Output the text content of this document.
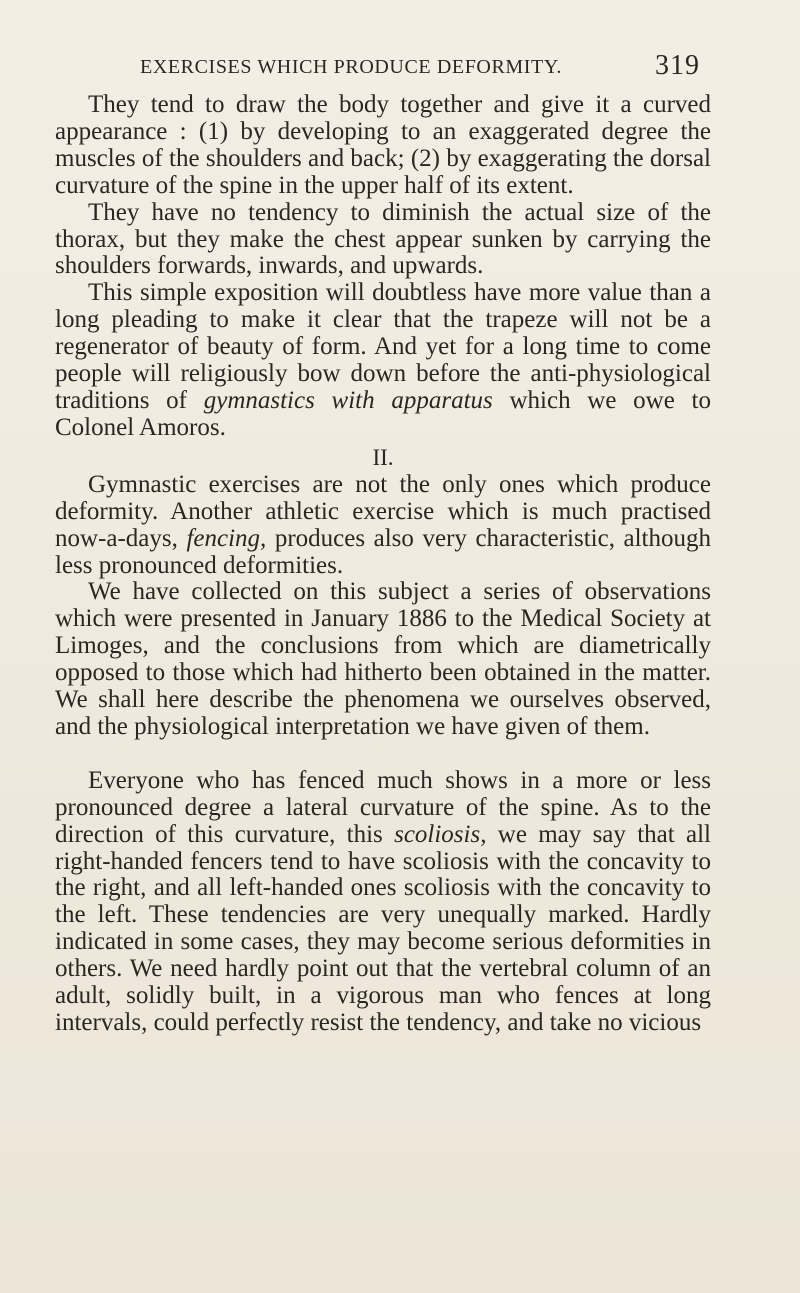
EXERCISES WHICH PRODUCE DEFORMITY.	319

They tend to draw the body together and give it a curved appearance : (1) by developing to an exaggerated degree the muscles of the shoulders and back; (2) by exaggerating the dorsal curvature of the spine in the upper half of its extent.

They have no tendency to diminish the actual size of the thorax, but they make the chest appear sunken by carrying the shoulders forwards, inwards, and upwards.

This simple exposition will doubtless have more value than a long pleading to make it clear that the trapeze will not be a regenerator of beauty of form. And yet for a long time to come people will religiously bow down before the anti-physiological traditions of gymnastics with apparatus which we owe to Colonel Amoros.

II.

Gymnastic exercises are not the only ones which produce deformity. Another athletic exercise which is much practised now-a-days, fencing, produces also very characteristic, although less pronounced deformities.

We have collected on this subject a series of observations which were presented in January 1886 to the Medical Society at Limoges, and the conclusions from which are diametrically opposed to those which had hitherto been obtained in the matter. We shall here describe the phenomena we ourselves observed, and the physiological interpretation we have given of them.

Everyone who has fenced much shows in a more or less pronounced degree a lateral curvature of the spine. As to the direction of this curvature, this scoliosis, we may say that all right-handed fencers tend to have scoliosis with the concavity to the right, and all left-handed ones scoliosis with the concavity to the left. These tendencies are very unequally marked. Hardly indicated in some cases, they may become serious deformities in others. We need hardly point out that the vertebral column of an adult, solidly built, in a vigorous man who fences at long intervals, could perfectly resist the tendency, and take no vicious
